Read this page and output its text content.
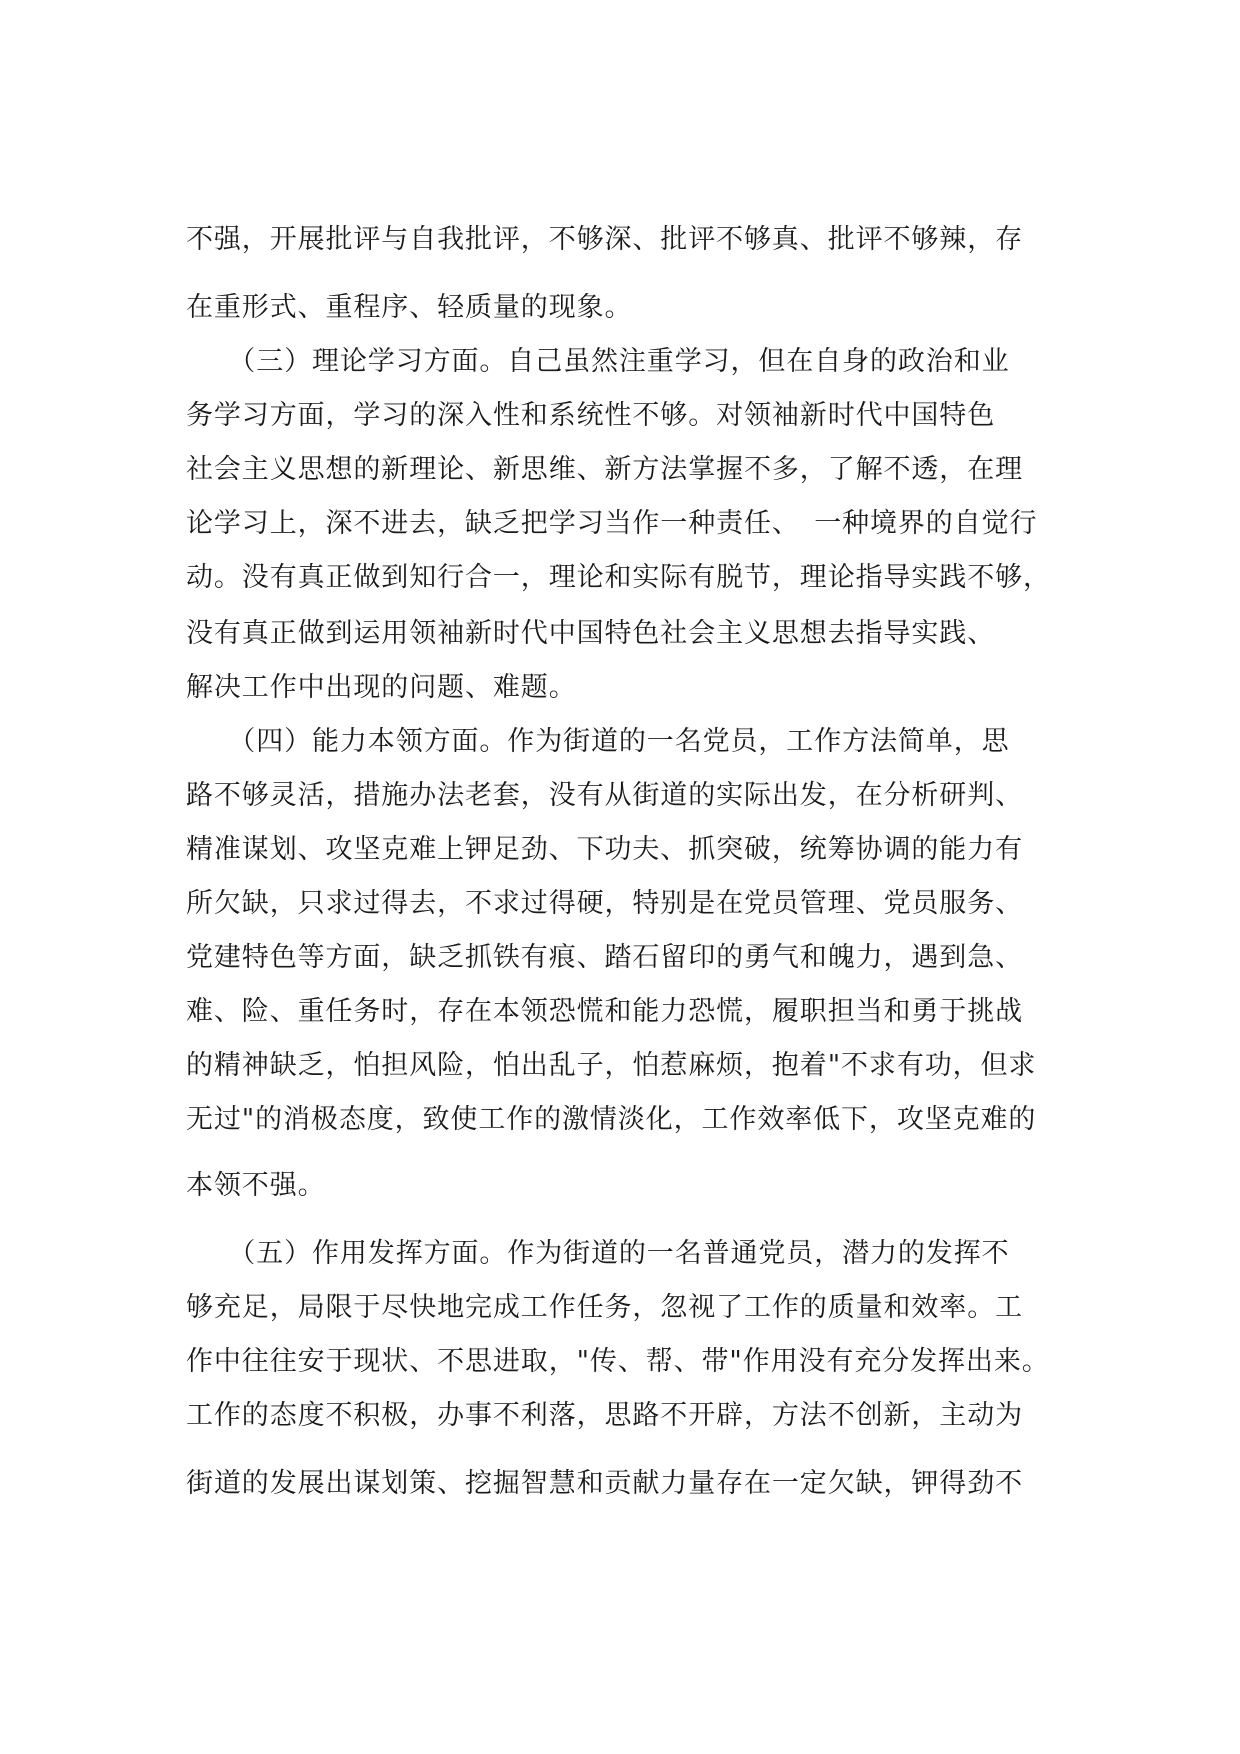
不强，开展批评与自我批评，不够深、批评不够真、批评不够辣，存
在重形式、重程序、轻质量的现象。
　　（三）理论学习方面。自己虽然注重学习，但在自身的政治和业
务学习方面，学习的深入性和系统性不够。对领袖新时代中国特色
社会主义思想的新理论、新思维、新方法掌握不多，了解不透，在理
论学习上，深不进去，缺乏把学习当作一种责任、　一种境界的自觉行
动。没有真正做到知行合一，理论和实际有脱节，理论指导实践不够，
没有真正做到运用领袖新时代中国特色社会主义思想去指导实践、
解决工作中出现的问题、难题。
　　（四）能力本领方面。作为街道的一名党员，工作方法简单，思
路不够灵活，措施办法老套，没有从街道的实际出发，在分析研判、
精准谋划、攻坚克难上钾足劲、下功夫、抓突破，统筹协调的能力有
所欠缺，只求过得去，不求过得硬，特别是在党员管理、党员服务、
党建特色等方面，缺乏抓铁有痕、踏石留印的勇气和魄力，遇到急、
难、险、重任务时，存在本领恐慌和能力恐慌，履职担当和勇于挑战
的精神缺乏，怕担风险，怕出乱子，怕惹麻烦，抱着"不求有功，但求
无过"的消极态度，致使工作的激情淡化，工作效率低下，攻坚克难的
本领不强。
　　（五）作用发挥方面。作为街道的一名普通党员，潜力的发挥不
够充足，局限于尽快地完成工作任务，忽视了工作的质量和效率。工
作中往往安于现状、不思进取，"传、帮、带"作用没有充分发挥出来。
工作的态度不积极，办事不利落，思路不开辟，方法不创新，主动为
街道的发展出谋划策、挖掘智慧和贡献力量存在一定欠缺，钾得劲不
